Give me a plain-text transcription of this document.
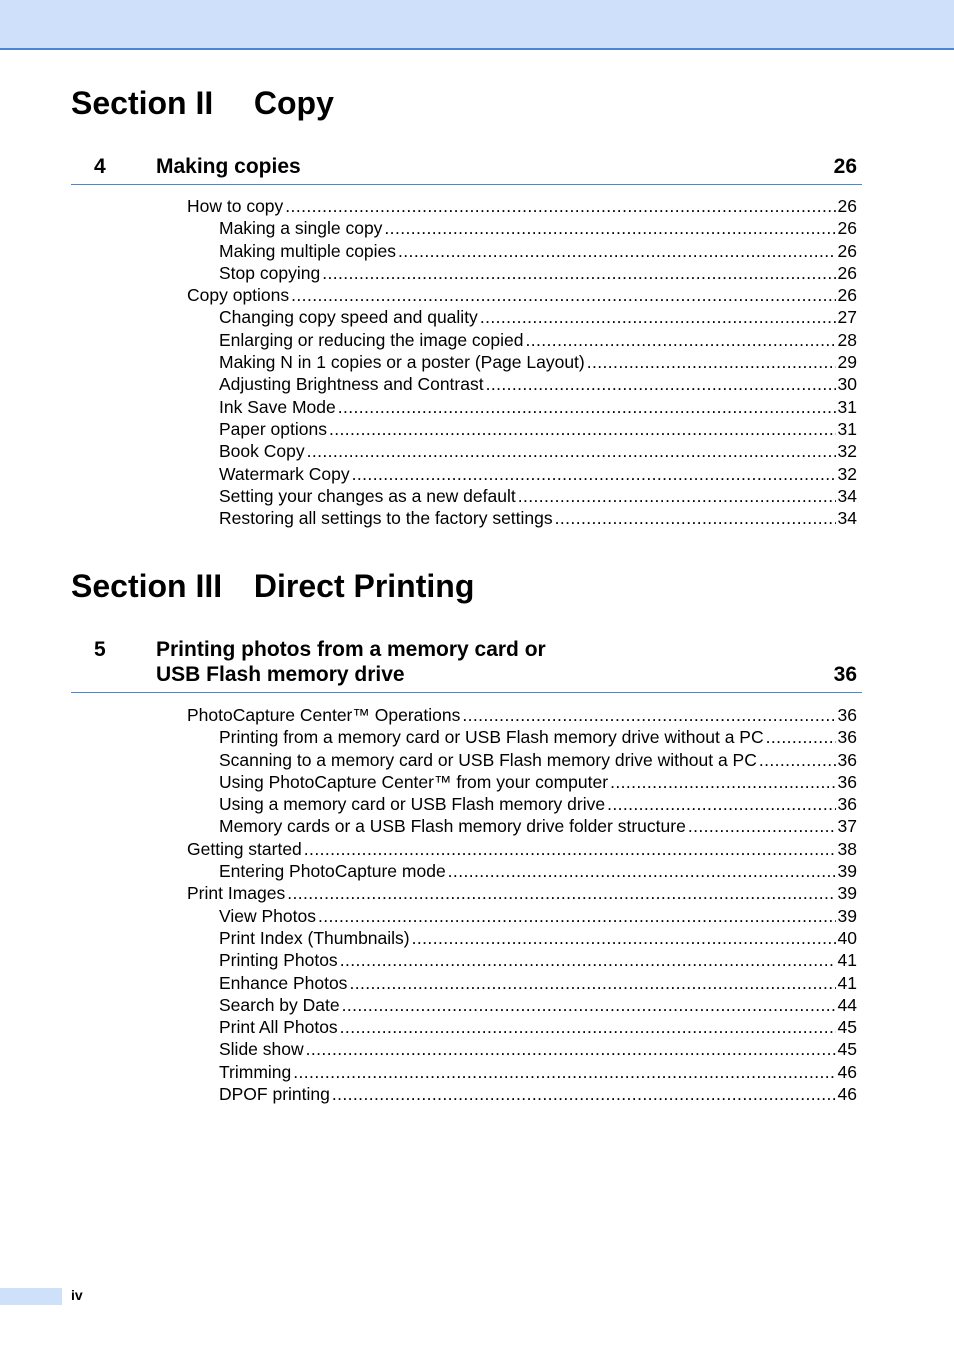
Section II Copy
4 Making copies	26
How to copy .....	26
Making a single copy .....	26
Making multiple copies .....	26
Stop copying .....	26
Copy options .....	26
Changing copy speed and quality .....	27
Enlarging or reducing the image copied .....	28
Making N in 1 copies or a poster (Page Layout) .....	29
Adjusting Brightness and Contrast .....	30
Ink Save Mode .....	31
Paper options .....	31
Book Copy .....	32
Watermark Copy .....	32
Setting your changes as a new default .....	34
Restoring all settings to the factory settings .....	34
Section III Direct Printing
5 Printing photos from a memory card or
USB Flash memory drive	36
PhotoCapture Center™ Operations .....	36
Printing from a memory card or USB Flash memory drive without a PC .....	36
Scanning to a memory card or USB Flash memory drive without a PC .....	36
Using PhotoCapture Center™ from your computer .....	36
Using a memory card or USB Flash memory drive .....	36
Memory cards or a USB Flash memory drive folder structure .....	37
Getting started .....	38
Entering PhotoCapture mode .....	39
Print Images .....	39
View Photos .....	39
Print Index (Thumbnails) .....	40
Printing Photos .....	41
Enhance Photos .....	41
Search by Date .....	44
Print All Photos .....	45
Slide show .....	45
Trimming .....	46
DPOF printing .....	46
iv
